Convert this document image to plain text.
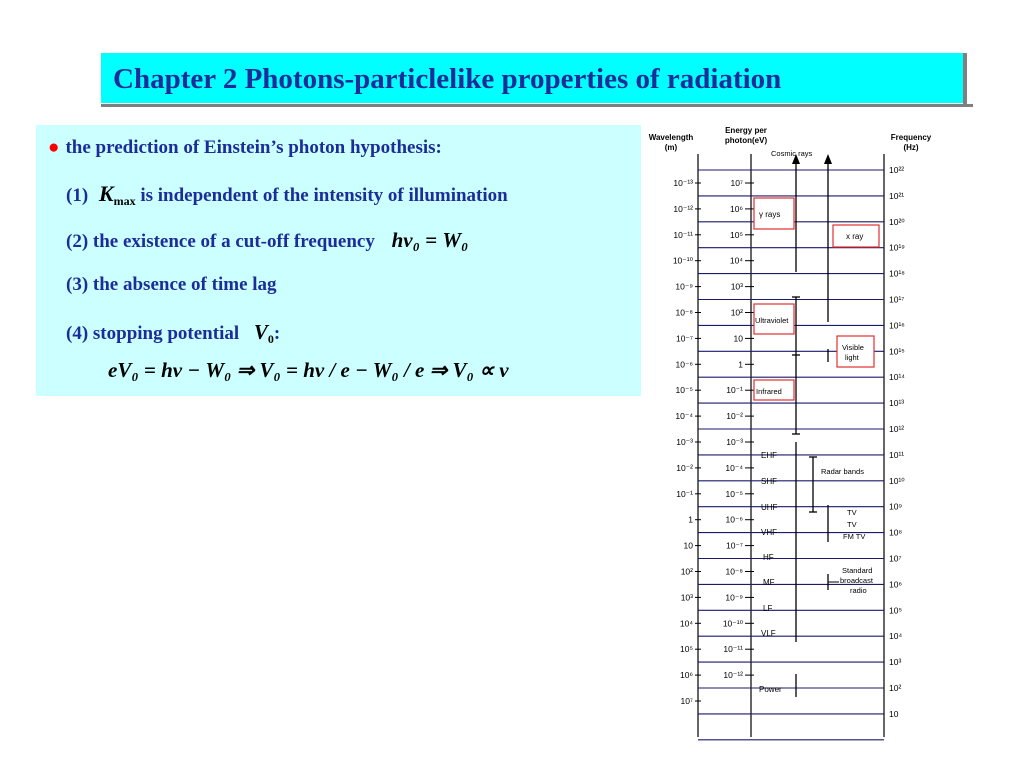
Chapter 2 Photons-particlelike properties of radiation
● the prediction of Einstein’s photon hypothesis:
(1) $K_{max}$ is independent of the intensity of illumination
(2) the existence of a cut-off frequency hν₀ = W₀
(3) the absence of time lag
(4) stopping potential $V_0$:
eV₀ = hν − W₀ ⇒ V₀ = hν / e − W₀ / e ⇒ V₀ ∝ ν
Wavelength
(m)
Energy per
photon(eV)	Frequency
(Hz)
10⁻¹³
10⁻¹²
10⁻¹¹
10⁻¹⁰
10⁻⁹
10⁻⁸
10⁻⁷
10⁻⁶
10⁻⁵
10⁻⁴
10⁻³
10⁻²
10⁻¹
1
10
10²
10³
10⁴
10⁵
10⁶
10⁷
10⁷
10⁶
10⁵
10⁴
10³
10²
10
1
10⁻¹
10⁻²
10⁻³
10⁻⁴
10⁻⁵
10⁻⁶
10⁻⁷
10⁻⁸
10⁻⁹
10⁻¹⁰
10⁻¹¹
10⁻¹²
10²²
10²¹
10²⁰
10¹⁹
10¹⁸
10¹⁷
10¹⁶
10¹⁵
10¹⁴
10¹³
10¹²
10¹¹
10¹⁰
10⁹
10⁸
10⁷
10⁶
10⁵
10⁴
10³
10²
10
Cosmic rays
γ rays
x ray
Ultraviolet
Visible
light
Infrared
EHF
SHF
UHF
VHF
HF
MF
LF
VLF
Radar bands
TV
TV
FM TV
Standard
broadcast
radio
Power
